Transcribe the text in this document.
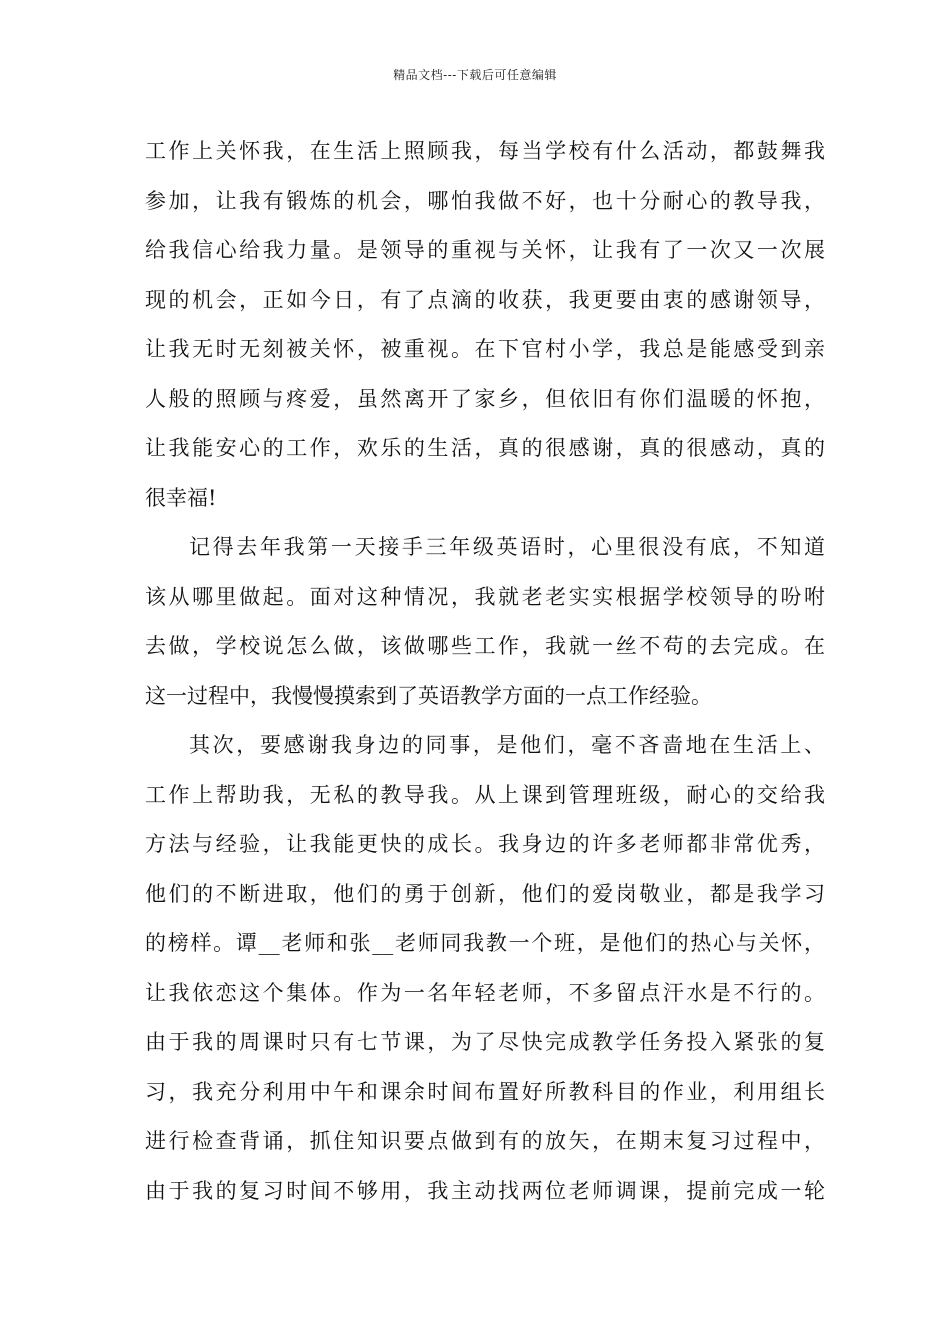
精品文档---下载后可任意编辑
工作上关怀我，在生活上照顾我，每当学校有什么活动，都鼓舞我
参加，让我有锻炼的机会，哪怕我做不好，也十分耐心的教导我，
给我信心给我力量。是领导的重视与关怀，让我有了一次又一次展
现的机会，正如今日，有了点滴的收获，我更要由衷的感谢领导，
让我无时无刻被关怀，被重视。在下官村小学，我总是能感受到亲
人般的照顾与疼爱，虽然离开了家乡，但依旧有你们温暖的怀抱，
让我能安心的工作，欢乐的生活，真的很感谢，真的很感动，真的
很幸福!
记得去年我第一天接手三年级英语时，心里很没有底，不知道
该从哪里做起。面对这种情况，我就老老实实根据学校领导的吩咐
去做，学校说怎么做，该做哪些工作，我就一丝不苟的去完成。在
这一过程中，我慢慢摸索到了英语教学方面的一点工作经验。
其次，要感谢我身边的同事，是他们，毫不吝啬地在生活上、
工作上帮助我，无私的教导我。从上课到管理班级，耐心的交给我
方法与经验，让我能更快的成长。我身边的许多老师都非常优秀，
他们的不断进取，他们的勇于创新，他们的爱岗敬业，都是我学习
的榜样。谭__老师和张__老师同我教一个班，是他们的热心与关怀，
让我依恋这个集体。作为一名年轻老师，不多留点汗水是不行的。
由于我的周课时只有七节课，为了尽快完成教学任务投入紧张的复
习，我充分利用中午和课余时间布置好所教科目的作业，利用组长
进行检查背诵，抓住知识要点做到有的放矢，在期末复习过程中，
由于我的复习时间不够用，我主动找两位老师调课，提前完成一轮
